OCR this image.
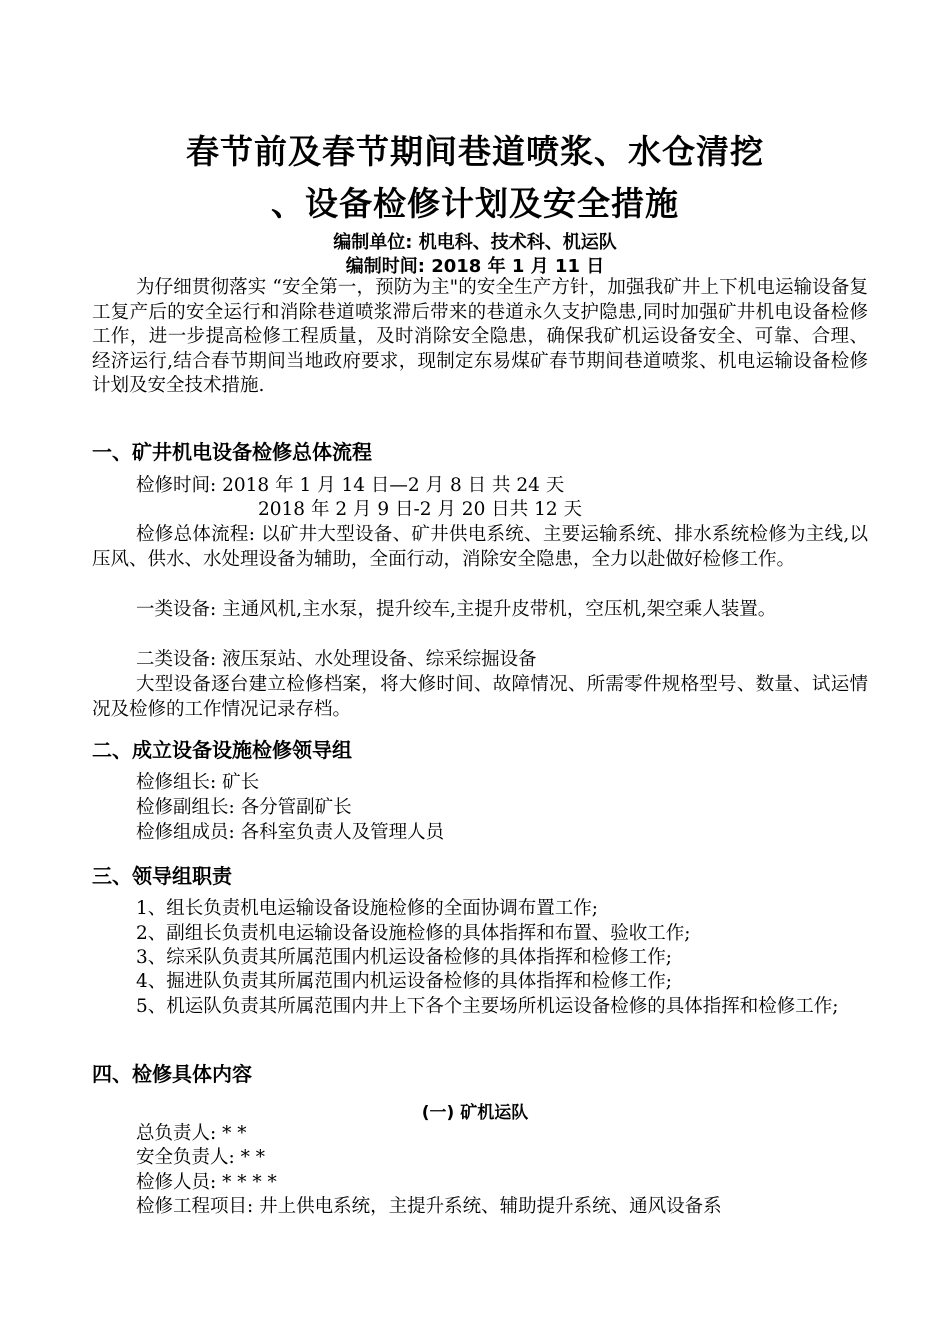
春节前及春节期间巷道喷浆、水仓清挖
、设备检修计划及安全措施
编制单位: 机电科、技术科、机运队
编制时间: 2018 年 1 月 11 日
为仔细贯彻落实 “安全第一，预防为主"的安全生产方针，加强我矿井上下机电运输设备复工复产后的安全运行和消除巷道喷浆滞后带来的巷道永久支护隐患,同时加强矿井机电设备检修工作，进一步提高检修工程质量，及时消除安全隐患，确保我矿机运设备安全、可靠、合理、经济运行,结合春节期间当地政府要求，现制定东易煤矿春节期间巷道喷浆、机电运输设备检修计划及安全技术措施.
一、矿井机电设备检修总体流程
检修时间: 2018 年 1 月 14 日—2 月 8 日 共 24 天
2018 年 2 月 9 日-2 月 20 日共 12 天
检修总体流程: 以矿井大型设备、矿井供电系统、主要运输系统、排水系统检修为主线,以压风、供水、水处理设备为辅助，全面行动，消除安全隐患，全力以赴做好检修工作。
一类设备: 主通风机,主水泵，提升绞车,主提升皮带机，空压机,架空乘人装置。
二类设备: 液压泵站、水处理设备、综采综掘设备
大型设备逐台建立检修档案，将大修时间、故障情况、所需零件规格型号、数量、试运情况及检修的工作情况记录存档。
二、成立设备设施检修领导组
检修组长: 矿长
检修副组长: 各分管副矿长
检修组成员: 各科室负责人及管理人员
三、领导组职责
1、组长负责机电运输设备设施检修的全面协调布置工作;
2、副组长负责机电运输设备设施检修的具体指挥和布置、验收工作;
3、综采队负责其所属范围内机运设备检修的具体指挥和检修工作;
4、掘进队负责其所属范围内机运设备检修的具体指挥和检修工作;
5、机运队负责其所属范围内井上下各个主要场所机运设备检修的具体指挥和检修工作;
四、检修具体内容
(一) 矿机运队
总负责人: * *
安全负责人: * *
检修人员: * * * *
检修工程项目: 井上供电系统，主提升系统、辅助提升系统、通风设备系
